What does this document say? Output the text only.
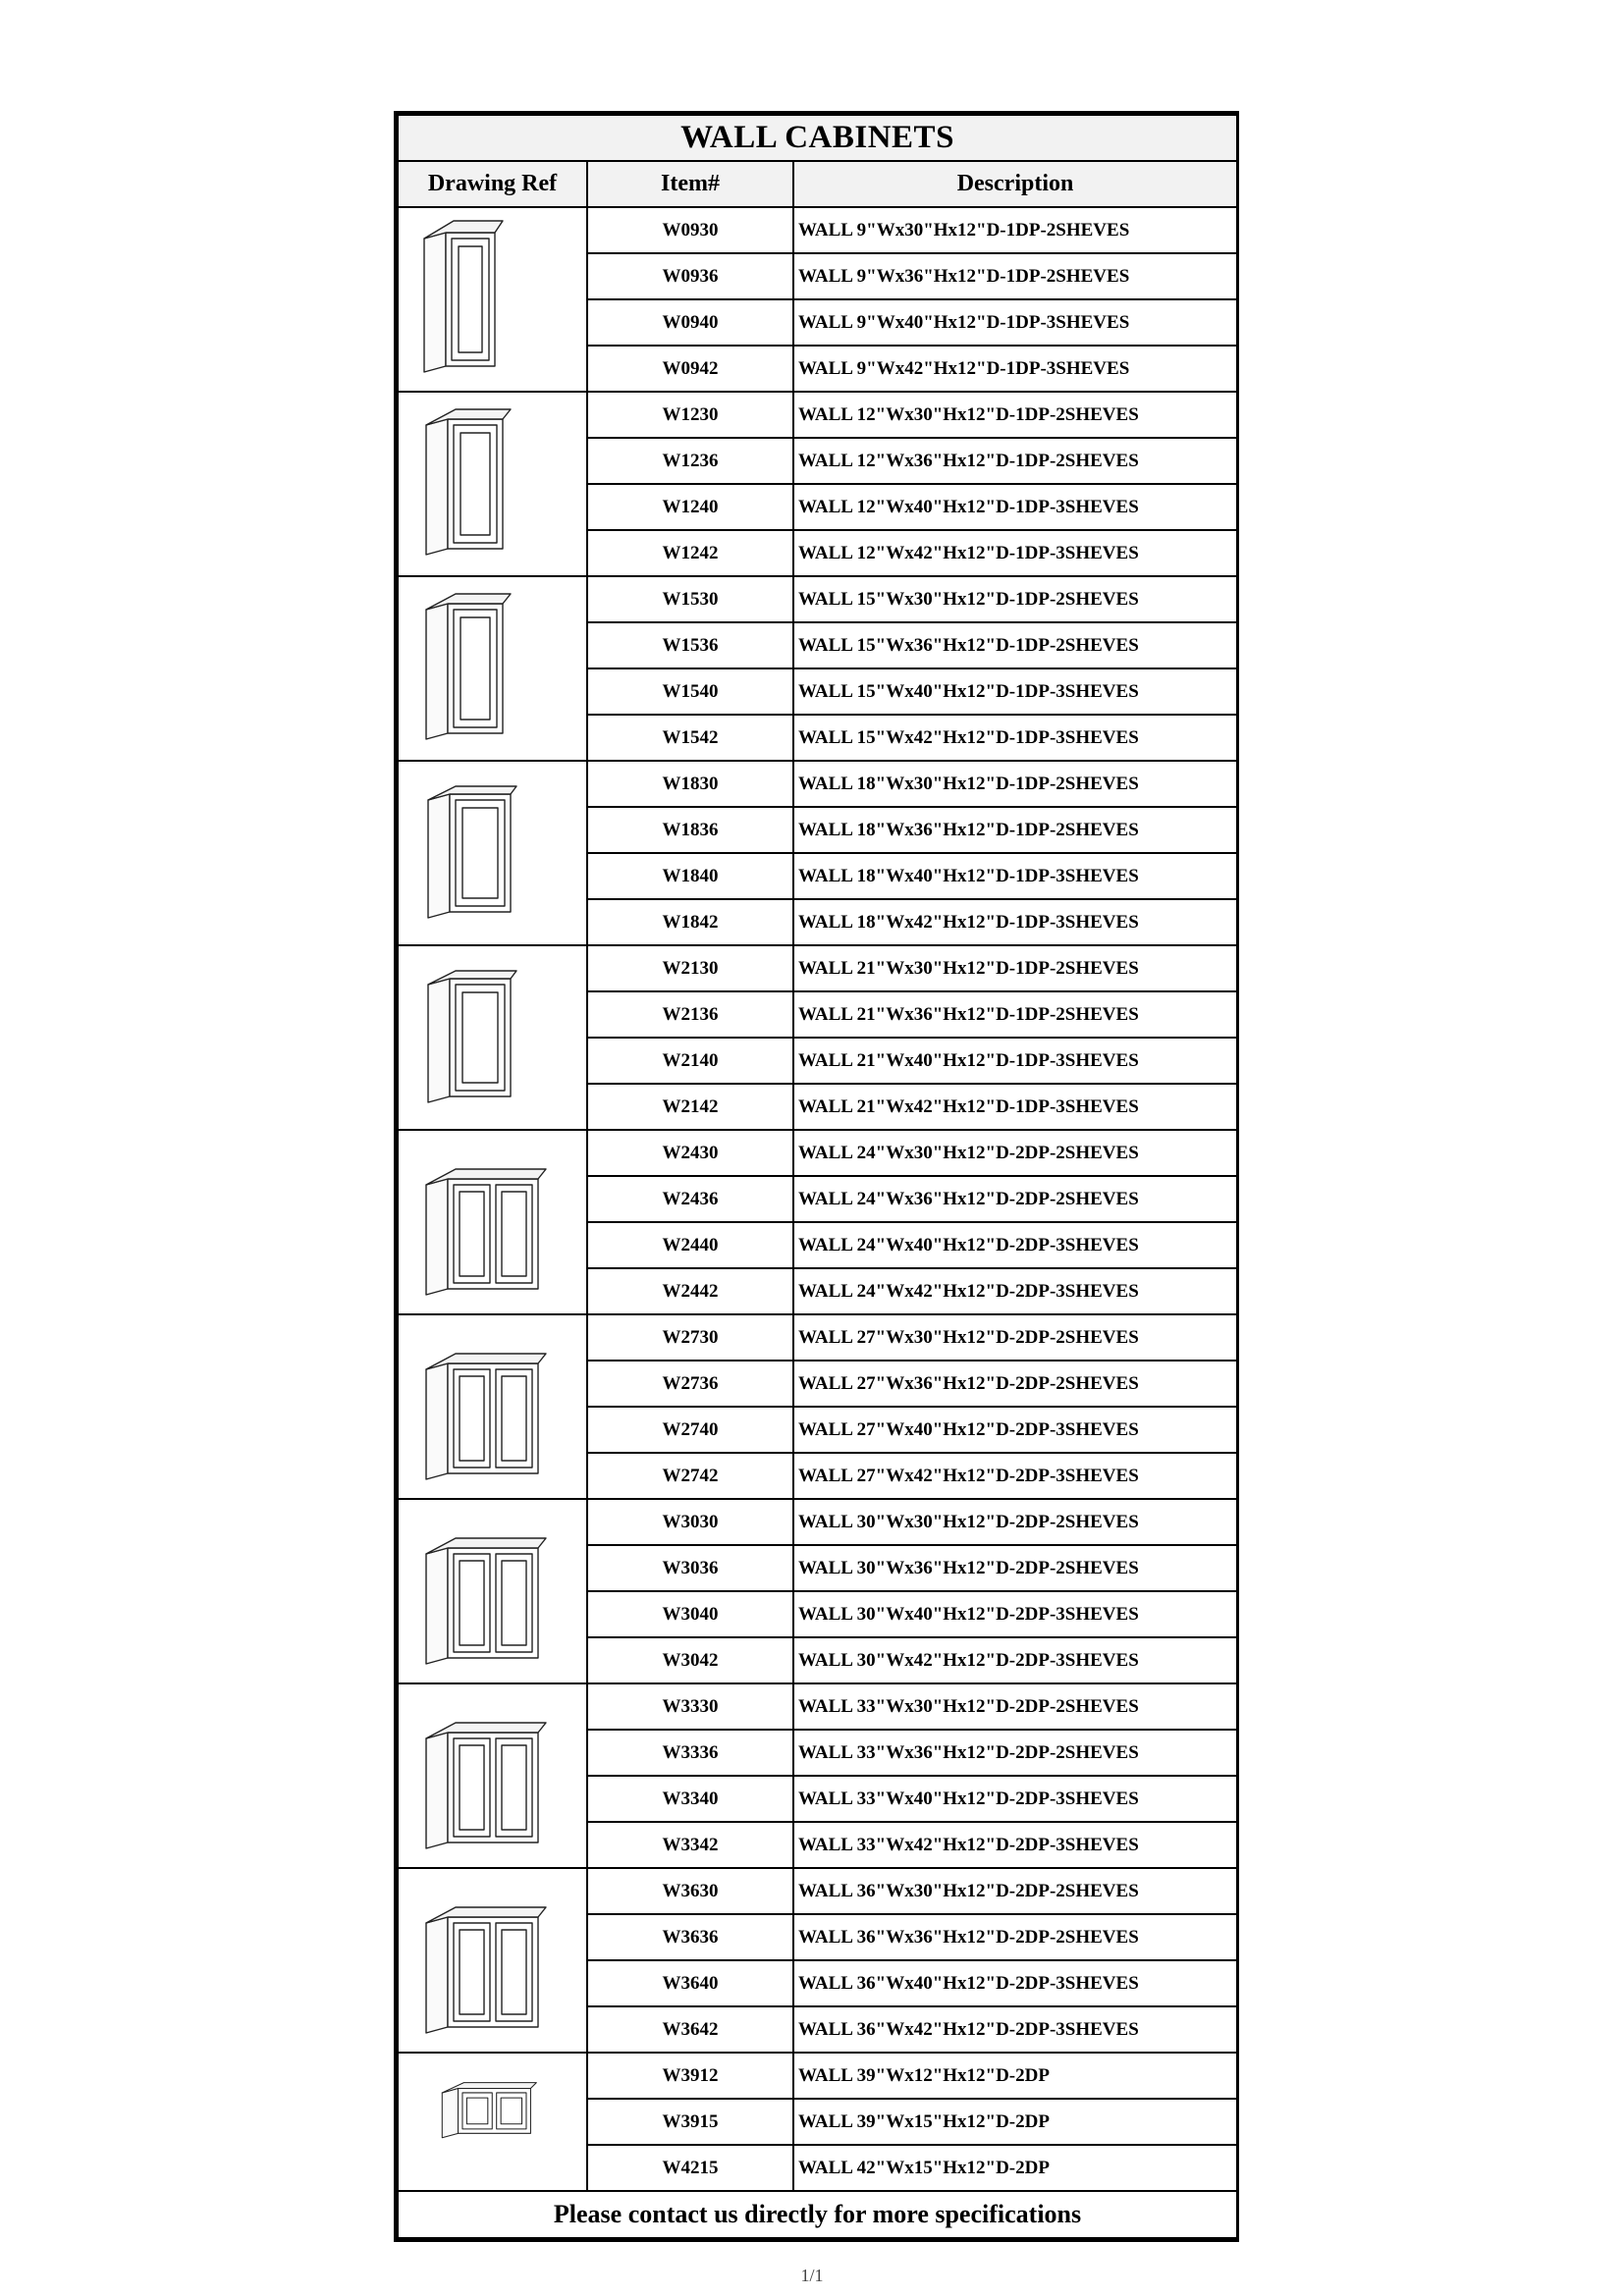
WALL CABINETS		
Drawing Ref	Item#	Description

	W0930	WALL 9"Wx30"Hx12"D-1DP-2SHEVES
	W0936	WALL 9"Wx36"Hx12"D-1DP-2SHEVES
	W0940	WALL 9"Wx40"Hx12"D-1DP-3SHEVES
	W0942	WALL 9"Wx42"Hx12"D-1DP-3SHEVES

	W1230	WALL 12"Wx30"Hx12"D-1DP-2SHEVES
	W1236	WALL 12"Wx36"Hx12"D-1DP-2SHEVES
	W1240	WALL 12"Wx40"Hx12"D-1DP-3SHEVES
	W1242	WALL 12"Wx42"Hx12"D-1DP-3SHEVES

	W1530	WALL 15"Wx30"Hx12"D-1DP-2SHEVES
	W1536	WALL 15"Wx36"Hx12"D-1DP-2SHEVES
	W1540	WALL 15"Wx40"Hx12"D-1DP-3SHEVES
	W1542	WALL 15"Wx42"Hx12"D-1DP-3SHEVES

	W1830	WALL 18"Wx30"Hx12"D-1DP-2SHEVES
	W1836	WALL 18"Wx36"Hx12"D-1DP-2SHEVES
	W1840	WALL 18"Wx40"Hx12"D-1DP-3SHEVES
	W1842	WALL 18"Wx42"Hx12"D-1DP-3SHEVES

	W2130	WALL 21"Wx30"Hx12"D-1DP-2SHEVES
	W2136	WALL 21"Wx36"Hx12"D-1DP-2SHEVES
	W2140	WALL 21"Wx40"Hx12"D-1DP-3SHEVES
	W2142	WALL 21"Wx42"Hx12"D-1DP-3SHEVES

	W2430	WALL 24"Wx30"Hx12"D-2DP-2SHEVES
	W2436	WALL 24"Wx36"Hx12"D-2DP-2SHEVES
	W2440	WALL 24"Wx40"Hx12"D-2DP-3SHEVES
	W2442	WALL 24"Wx42"Hx12"D-2DP-3SHEVES

	W2730	WALL 27"Wx30"Hx12"D-2DP-2SHEVES
	W2736	WALL 27"Wx36"Hx12"D-2DP-2SHEVES
	W2740	WALL 27"Wx40"Hx12"D-2DP-3SHEVES
	W2742	WALL 27"Wx42"Hx12"D-2DP-3SHEVES

	W3030	WALL 30"Wx30"Hx12"D-2DP-2SHEVES
	W3036	WALL 30"Wx36"Hx12"D-2DP-2SHEVES
	W3040	WALL 30"Wx40"Hx12"D-2DP-3SHEVES
	W3042	WALL 30"Wx42"Hx12"D-2DP-3SHEVES

	W3330	WALL 33"Wx30"Hx12"D-2DP-2SHEVES
	W3336	WALL 33"Wx36"Hx12"D-2DP-2SHEVES
	W3340	WALL 33"Wx40"Hx12"D-2DP-3SHEVES
	W3342	WALL 33"Wx42"Hx12"D-2DP-3SHEVES

	W3630	WALL 36"Wx30"Hx12"D-2DP-2SHEVES
	W3636	WALL 36"Wx36"Hx12"D-2DP-2SHEVES
	W3640	WALL 36"Wx40"Hx12"D-2DP-3SHEVES
	W3642	WALL 36"Wx42"Hx12"D-2DP-3SHEVES

	W3912	WALL 39"Wx12"Hx12"D-2DP
	W3915	WALL 39"Wx15"Hx12"D-2DP
	W4215	WALL 42"Wx15"Hx12"D-2DP
Please contact us directly for more specifications		
1/1
